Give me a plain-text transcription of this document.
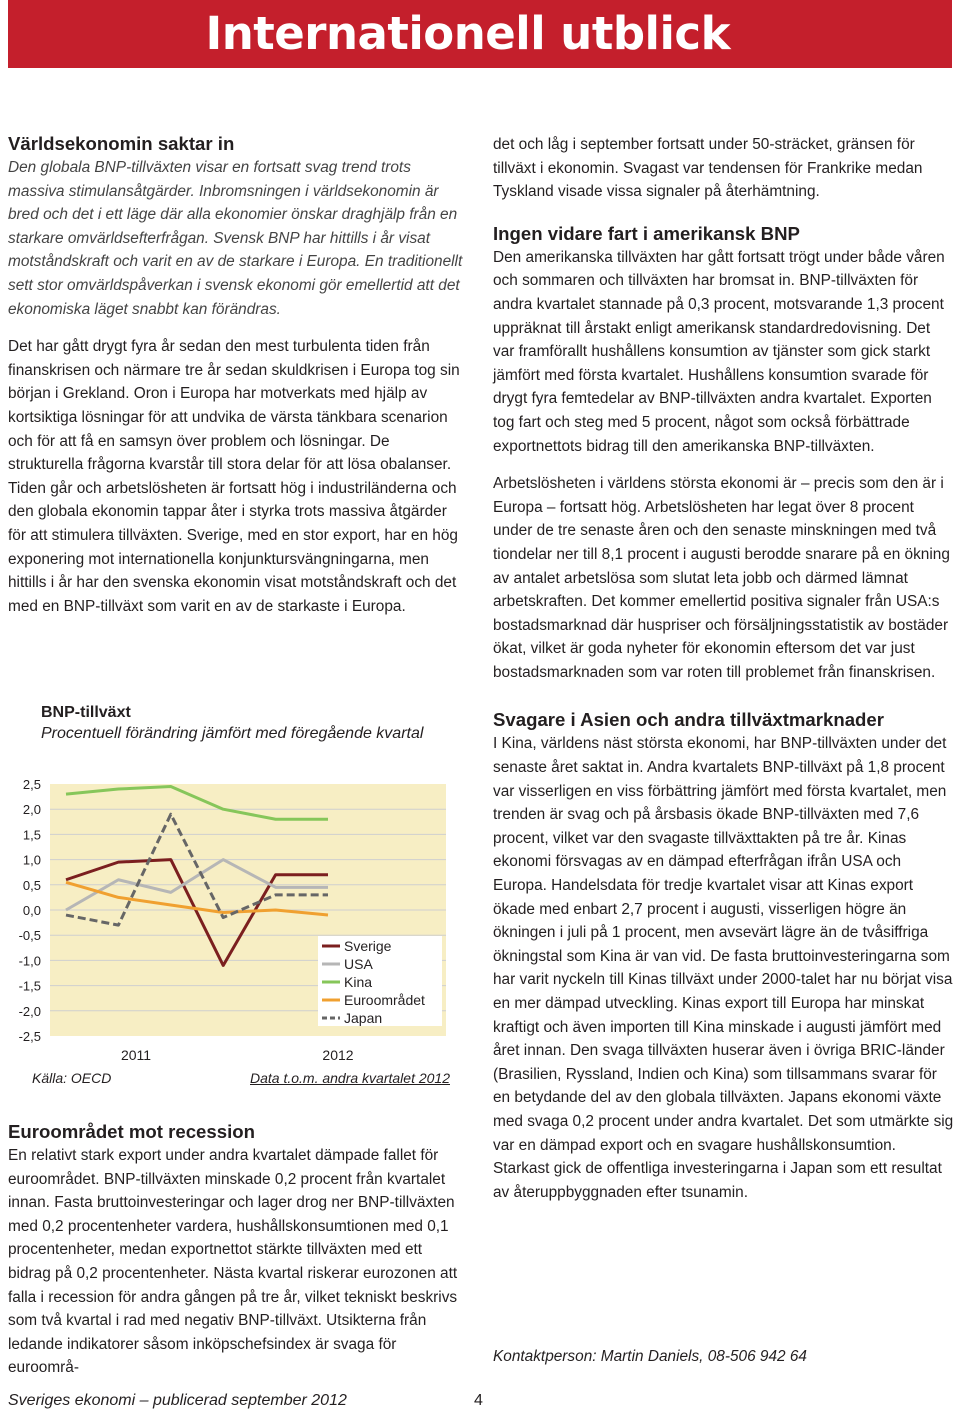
Internationell utblick
Världsekonomin saktar in

Den globala BNP-tillväxten visar en fortsatt svag trend trots massiva stimulansåtgärder. Inbromsningen i världsekonomin är bred och det i ett läge där alla ekonomier önskar draghjälp från en starkare omvärldsefterfrågan. Svensk BNP har hittills i år visat motståndskraft och varit en av de starkare i Europa. En traditionellt sett stor omvärldspåverkan i svensk ekonomi gör emellertid att det ekonomiska läget snabbt kan förändras.

Det har gått drygt fyra år sedan den mest turbulenta tiden från finanskrisen och närmare tre år sedan skuldkrisen i Europa tog sin början i Grekland. Oron i Europa har motverkats med hjälp av kortsiktiga lösningar för att undvika de värsta tänkbara scenarion och för att få en samsyn över problem och lösningar. De strukturella frågorna kvarstår till stora delar för att lösa obalanser. Tiden går och arbetslösheten är fortsatt hög i industriländerna och den globala ekonomin tappar åter i styrka trots massiva åtgärder för att stimulera tillväxten. Sverige, med en stor export, har en hög exponering mot internationella konjunktursvängningarna, men hittills i år har den svenska ekonomin visat motståndskraft och det med en BNP-tillväxt som varit en av de starkaste i Europa.

BNP-tillväxt
Procentuell förändring jämfört med föregående kvartal
2,5
2,0
1,5
1,0
0,5
0,0
-0,5
-1,0
-1,5
-2,0
-2,5
2011	2012
Sverige
USA
Kina
Euroområdet
Japan
Källa: OECD	Data t.o.m. andra kvartalet 2012
Euroområdet mot recession

En relativt stark export under andra kvartalet dämpade fallet för euroområdet. BNP-tillväxten minskade 0,2 procent från kvartalet innan. Fasta bruttoinvesteringar och lager drog ner BNP-tillväxten med 0,2 procentenheter vardera, hushållskonsumtionen med 0,1 procentenheter, medan exportnettot stärkte tillväxten med ett bidrag på 0,2 procentenheter. Nästa kvartal riskerar eurozonen att falla i recession för andra gången på tre år, vilket tekniskt beskrivs som två kvartal i rad med negativ BNP-tillväxt. Utsikterna från ledande indikatorer såsom inköpschefsindex är svaga för euroområ-

det och låg i september fortsatt under 50-sträcket, gränsen för tillväxt i ekonomin. Svagast var tendensen för Frankrike medan Tyskland visade vissa signaler på återhämtning.

Ingen vidare fart i amerikansk BNP

Den amerikanska tillväxten har gått fortsatt trögt under både våren och sommaren och tillväxten har bromsat in. BNP-tillväxten för andra kvartalet stannade på 0,3 procent, motsvarande 1,3 procent uppräknat till årstakt enligt amerikansk standardredovisning. Det var framförallt hushållens konsumtion av tjänster som gick starkt jämfört med första kvartalet. Hushållens konsumtion svarade för drygt fyra femtedelar av BNP-tillväxten andra kvartalet. Exporten tog fart och steg med 5 procent, något som också förbättrade exportnettots bidrag till den amerikanska BNP-tillväxten.

Arbetslösheten i världens största ekonomi är – precis som den är i Europa – fortsatt hög. Arbetslösheten har legat över 8 procent under de tre senaste åren och den senaste minskningen med två tiondelar ner till 8,1 procent i augusti berodde snarare på en ökning av antalet arbetslösa som slutat leta jobb och därmed lämnat arbetskraften. Det kommer emellertid positiva signaler från USA:s bostadsmarknad där huspriser och försäljningsstatistik av bostäder ökat, vilket är goda nyheter för ekonomin eftersom det var just bostadsmarknaden som var roten till problemet från finanskrisen.

Svagare i Asien och andra tillväxtmarknader

I Kina, världens näst största ekonomi, har BNP-tillväxten under det senaste året saktat in. Andra kvartalets BNP-tillväxt på 1,8 procent var visserligen en viss förbättring jämfört med första kvartalet, men trenden är svag och på årsbasis ökade BNP-tillväxten med 7,6 procent, vilket var den svagaste tillväxttakten på tre år. Kinas ekonomi försvagas av en dämpad efterfrågan ifrån USA och Europa. Handelsdata för tredje kvartalet visar att Kinas export ökade med enbart 2,7 procent i augusti, visserligen högre än ökningen i juli på 1 procent, men avsevärt lägre än de tvåsiffriga ökningstal som Kina är van vid. De fasta bruttoinvesteringarna som har varit nyckeln till Kinas tillväxt under 2000-talet har nu börjat visa en mer dämpad utveckling. Kinas export till Europa har minskat kraftigt och även importen till Kina minskade i augusti jämfört med året innan. Den svaga tillväxten huserar även i övriga BRIC-länder (Brasilien, Ryssland, Indien och Kina) som tillsammans svarar för en betydande del av den globala tillväxten. Japans ekonomi växte med svaga 0,2 procent under andra kvartalet. Det som utmärkte sig var en dämpad export och en svagare hushållskonsumtion. Starkast gick de offentliga investeringarna i Japan som ett resultat av återuppbyggnaden efter tsunamin.

Kontaktperson: Martin Daniels, 08-506 942 64
Sveriges ekonomi – publicerad september 2012	4
